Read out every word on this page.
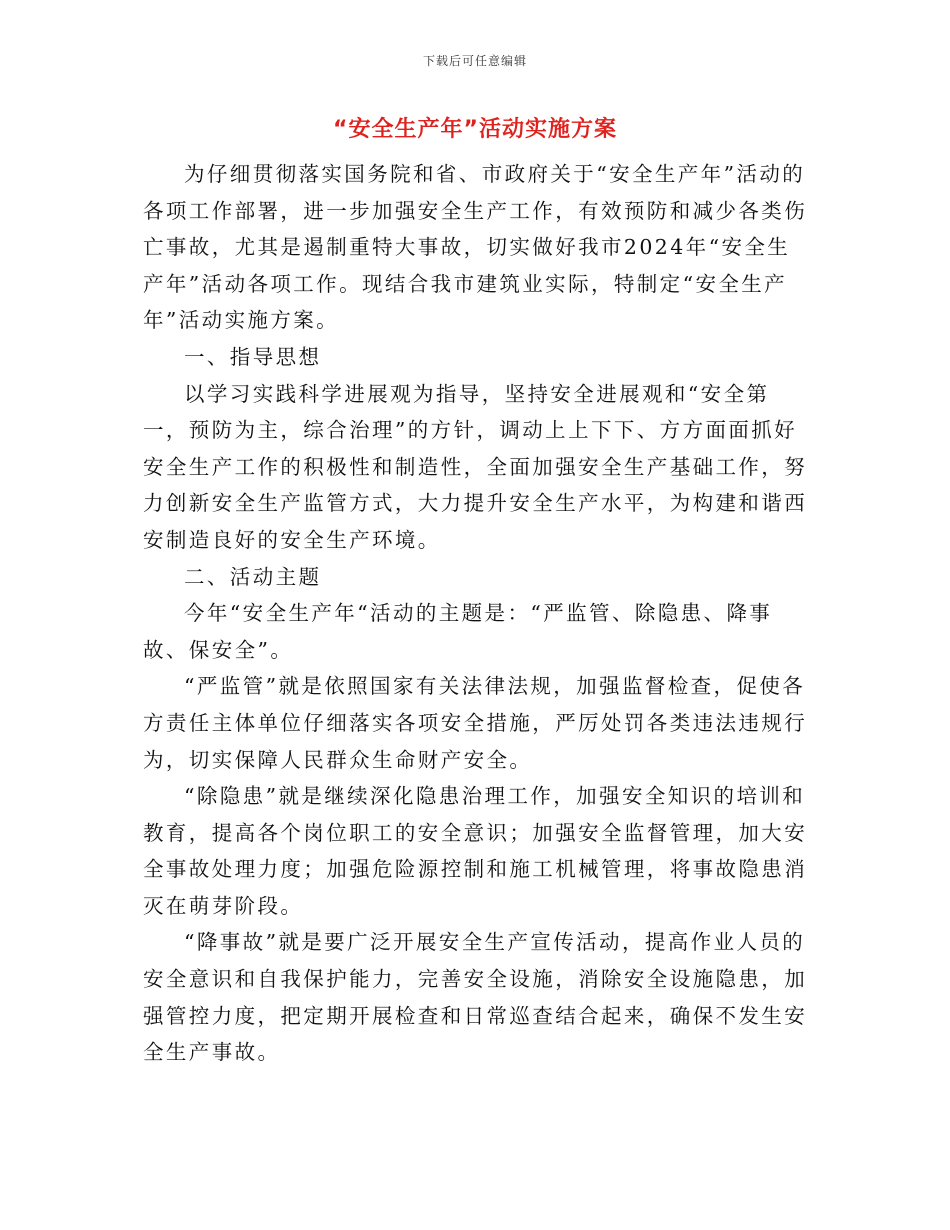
下载后可任意编辑
“安全生产年”活动实施方案

为仔细贯彻落实国务院和省、市政府关于“安全生产年”活动的各项工作部署，进一步加强安全生产工作，有效预防和减少各类伤亡事故，尤其是遏制重特大事故，切实做好我市2024年“安全生产年”活动各项工作。现结合我市建筑业实际，特制定“安全生产年”活动实施方案。

一、指导思想

以学习实践科学进展观为指导，坚持安全进展观和“安全第一，预防为主，综合治理”的方针，调动上上下下、方方面面抓好安全生产工作的积极性和制造性，全面加强安全生产基础工作，努力创新安全生产监管方式，大力提升安全生产水平，为构建和谐西安制造良好的安全生产环境。

二、活动主题

今年“安全生产年“活动的主题是：“严监管、除隐患、降事故、保安全”。

“严监管”就是依照国家有关法律法规，加强监督检查，促使各方责任主体单位仔细落实各项安全措施，严厉处罚各类违法违规行为，切实保障人民群众生命财产安全。

“除隐患”就是继续深化隐患治理工作，加强安全知识的培训和教育，提高各个岗位职工的安全意识；加强安全监督管理，加大安全事故处理力度；加强危险源控制和施工机械管理，将事故隐患消灭在萌芽阶段。

“降事故”就是要广泛开展安全生产宣传活动，提高作业人员的安全意识和自我保护能力，完善安全设施，消除安全设施隐患，加强管控力度，把定期开展检查和日常巡查结合起来，确保不发生安全生产事故。
